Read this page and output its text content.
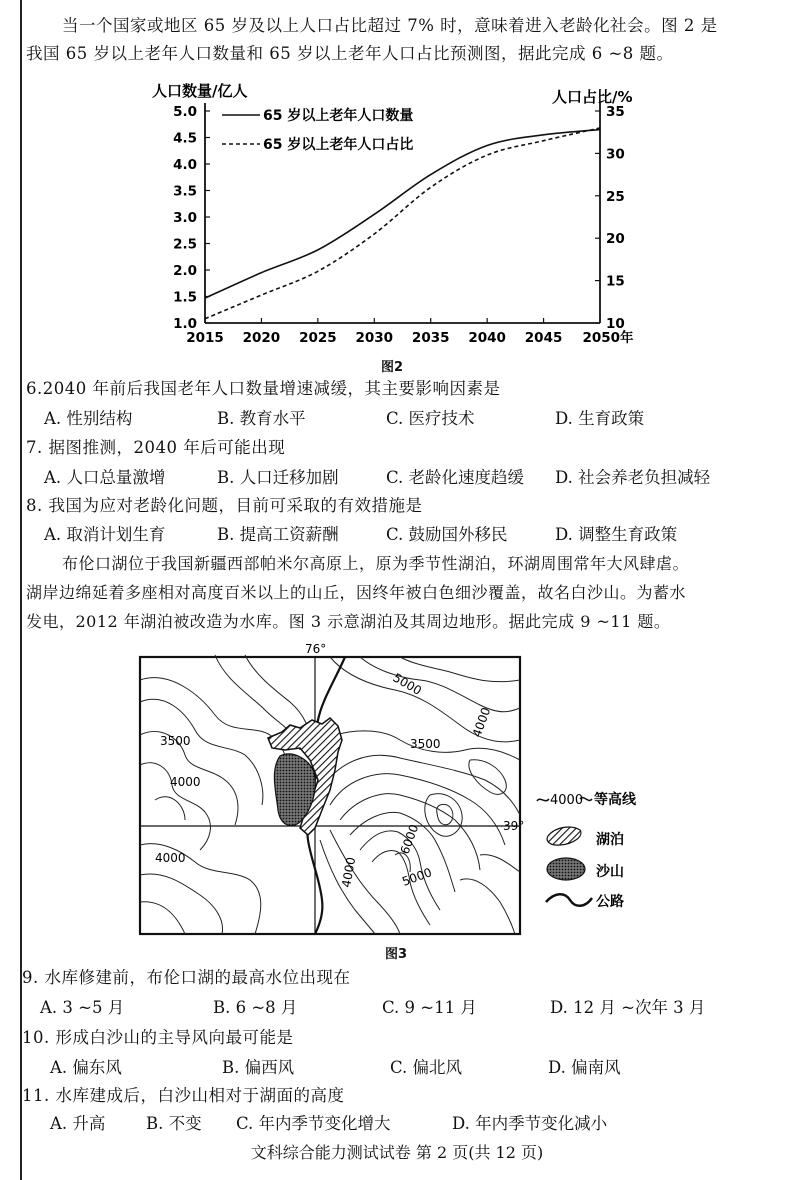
当一个国家或地区 65 岁及以上人口占比超过 7% 时，意味着进入老龄化社会。图 2 是
我国 65 岁以上老年人口数量和 65 岁以上老年人口占比预测图，据此完成 6 ~8 题。
人口数量/亿人	人口占比/%
1.0
1.5
2.0
2.5
3.0
3.5
4.0
4.5
5.0
10
15
20
25
30
35
2015 2020 2025 2030 2035 2040 2045 2050年
65 岁以上老年人口数量
65 岁以上老年人口占比
图2
6.2040 年前后我国老年人口数量增速减缓，其主要影响因素是
A. 性别结构	B. 教育水平	C. 医疗技术	D. 生育政策
7. 据图推测，2040 年后可能出现
A. 人口总量激增	B. 人口迁移加剧	C. 老龄化速度趋缓 D. 社会养老负担减轻
8. 我国为应对老龄化问题，目前可采取的有效措施是
A. 取消计划生育	B. 提高工资薪酬	C. 鼓励国外移民	D. 调整生育政策
布伦口湖位于我国新疆西部帕米尔高原上，原为季节性湖泊，环湖周围常年大风肆虐。
湖岸边绵延着多座相对高度百米以上的山丘，因终年被白色细沙覆盖，故名白沙山。为蓄水
发电，2012 年湖泊被改造为水库。图 3 示意湖泊及其周边地形。据此完成 9 ~11 题。
76°
39°
5000
3500
4000
3500
4000
4000
6000
5000
4000
4000 等高线
湖泊
沙山
公路
图3
9. 水库修建前，布伦口湖的最高水位出现在
A. 3 ~5 月	B. 6 ~8 月	C. 9 ~11 月	D. 12 月 ~次年 3 月
10. 形成白沙山的主导风向最可能是
A. 偏东风	B. 偏西风	C. 偏北风	D. 偏南风
11. 水库建成后，白沙山相对于湖面的高度
A. 升高 B. 不变 C. 年内季节变化增大	D. 年内季节变化减小
文科综合能力测试试卷 第 2 页(共 12 页)
